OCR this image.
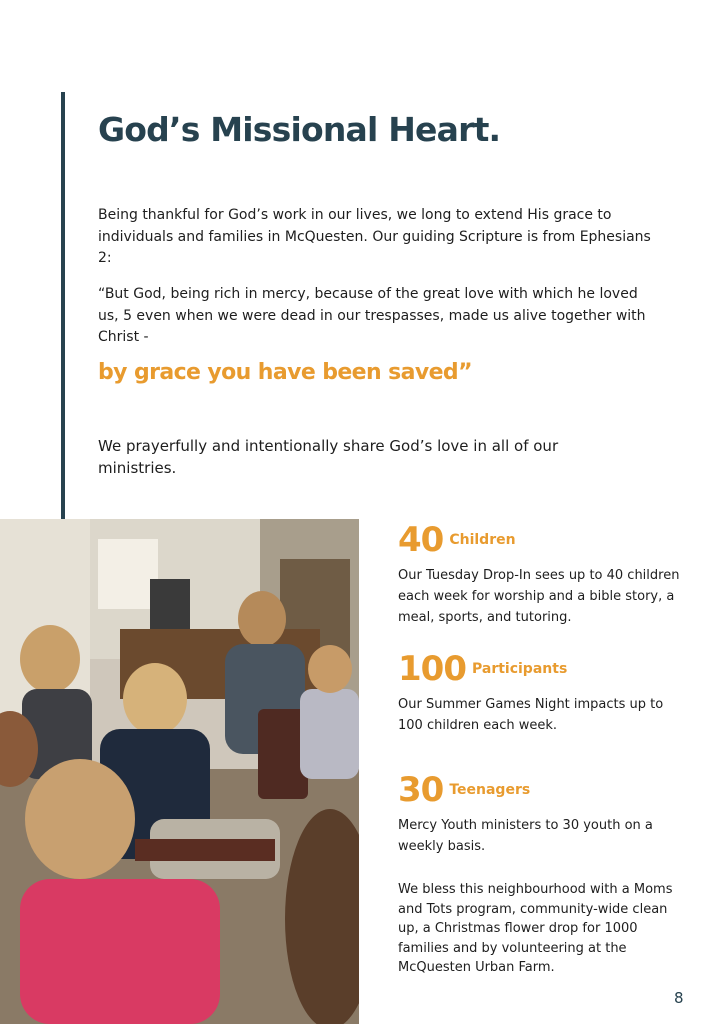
God’s Missional Heart.

Being thankful for God’s work in our lives, we long to extend His grace to individuals and families in McQuesten. Our guiding Scripture is from Ephesians 2:

“But God, being rich in mercy, because of the great love with which he loved us, 5 even when we were dead in our trespasses, made us alive together with Christ -

by grace you have been saved”

We prayerfully and intentionally share God’s love in all of our ministries.

40 Children

Our Tuesday Drop-In sees up to 40 children each week for worship and a bible story, a meal, sports, and tutoring.

100 Participants

Our Summer Games Night impacts up to 100 children each week.

30 Teenagers

Mercy Youth ministers to 30 youth on a weekly basis.

We bless this neighbourhood with a Moms and Tots program, community-wide clean up, a Christmas flower drop for 1000 families and by volunteering at the McQuesten Urban Farm.

8
